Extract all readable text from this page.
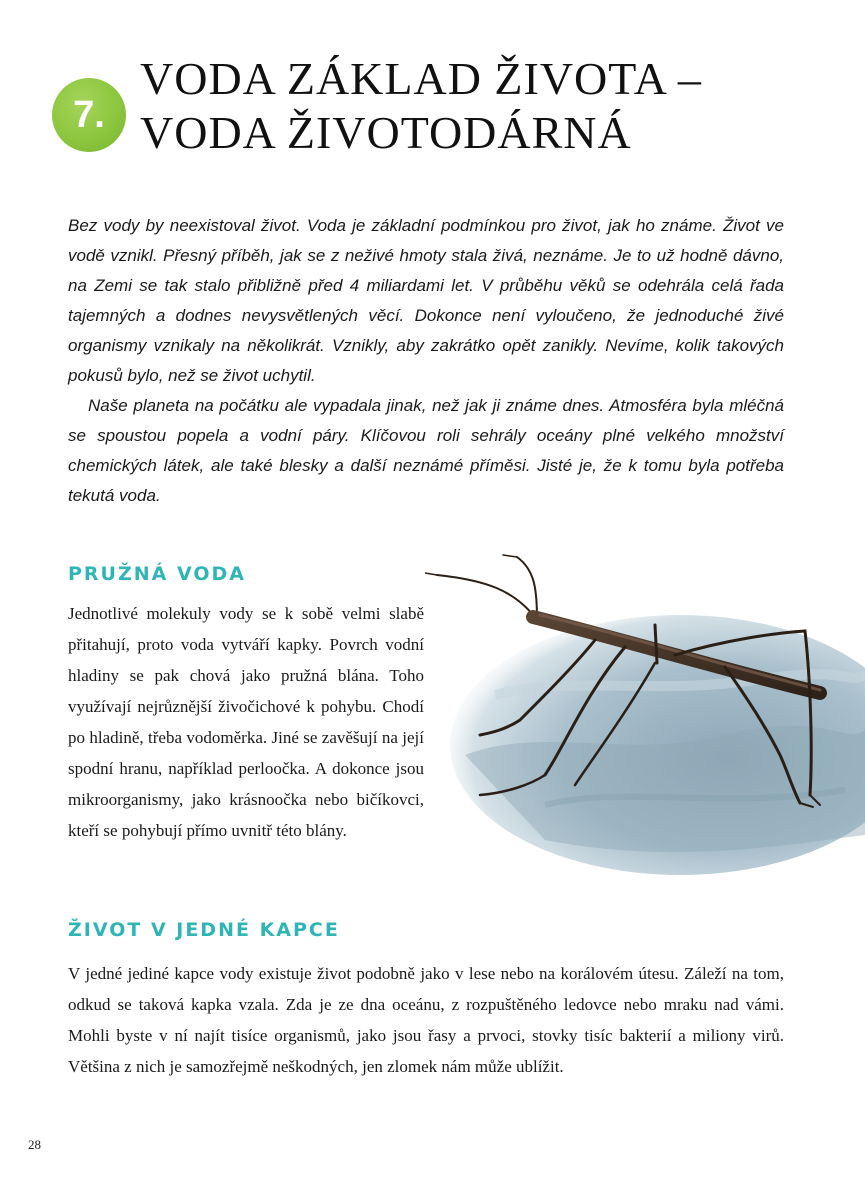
7.
VODA ZÁKLAD ŽIVOTA –
VODA ŽIVOTODÁRNÁ

Bez vody by neexistoval život. Voda je základní podmínkou pro život, jak ho známe. Život ve vodě vznikl. Přesný příběh, jak se z neživé hmoty stala živá, neznáme. Je to už hodně dávno, na Zemi se tak stalo přibližně před 4 miliardami let. V průběhu věků se odehrála celá řada tajemných a dodnes nevysvětlených věcí. Dokonce není vyloučeno, že jednoduché živé organismy vznikaly na několikrát. Vznikly, aby zakrátko opět zanikly. Nevíme, kolik takových pokusů bylo, než se život uchytil.

Naše planeta na počátku ale vypadala jinak, než jak ji známe dnes. Atmosféra byla mléčná se spoustou popela a vodní páry. Klíčovou roli sehrály oceány plné velkého množství chemických látek, ale také blesky a další neznámé příměsi. Jisté je, že k tomu byla potřeba tekutá voda.

PRUŽNÁ VODA

Jednotlivé molekuly vody se k sobě velmi slabě přitahují, proto voda vytváří kapky. Povrch vodní hladiny se pak chová jako pružná blána. Toho využívají nejrůznější živočichové k pohybu. Chodí po hladině, třeba vodoměrka. Jiné se zavěšují na její spodní hranu, například perloočka. A dokonce jsou mikroorganismy, jako krásnoočka nebo bičíkovci, kteří se pohybují přímo uvnitř této blány.

ŽIVOT V JEDNÉ KAPCE

V jedné jediné kapce vody existuje život podobně jako v lese nebo na korálovém útesu. Záleží na tom, odkud se taková kapka vzala. Zda je ze dna oceánu, z rozpuštěného ledovce nebo mraku nad vámi. Mohli byste v ní najít tisíce organismů, jako jsou řasy a prvoci, stovky tisíc bakterií a miliony virů. Většina z nich je samozřejmě neškodných, jen zlomek nám může ublížit.

28
